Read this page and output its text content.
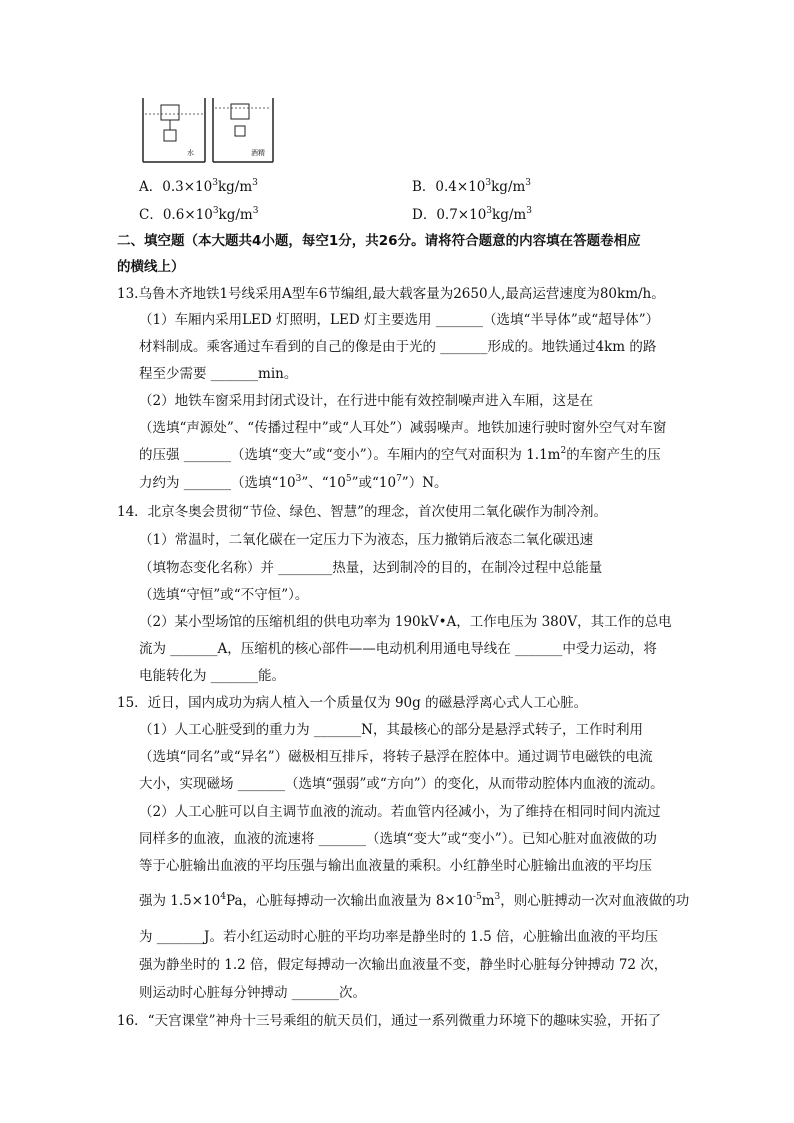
水	酒精
A．$0.3\times 10^3kg/m^3$	B．$0.4\times 10^3kg/m^3$
C．$0.6\times 10^3kg/m^3$	D．$0.7\times 10^3kg/m^3$
二、填空题（本大题共4小题，每空1分，共26分。请将符合题意的内容填在答题卷相应
的横线上）
13.乌鲁木齐地铁1号线采用A型车6节编组,最大载客量为2650人,最高运营速度为80km/h。
（1）车厢内采用LED 灯照明，LED 灯主要选用 _______（选填“半导体”或“超导体”）
材料制成。乘客通过车看到的自己的像是由于光的 _______形成的。地铁通过4km 的路
程至少需要 _______min。
（2）地铁车窗采用封闭式设计，在行进中能有效控制噪声进入车厢，这是在
（选填“声源处”、“传播过程中”或“人耳处”）减弱噪声。地铁加速行驶时窗外空气对车窗
的压强 _______（选填“变大”或“变小”）。车厢内的空气对面积为 $1.1m^2$的车窗产生的压
力约为 _______（选填“$10^3$”、“$10^5$”或“$10^7”)N$。
14．北京冬奥会贯彻“节俭、绿色、智慧”的理念，首次使用二氧化碳作为制冷剂。
（1）常温时，二氧化碳在一定压力下为液态，压力撤销后液态二氧化碳迅速
（填物态变化名称）并 ________热量，达到制冷的目的，在制冷过程中总能量
（选填“守恒”或“不守恒”）。
（2）某小型场馆的压缩机组的供电功率为 190kV•A，工作电压为 380V，其工作的总电
流为 _______A，压缩机的核心部件——电动机利用通电导线在 _______中受力运动，将
电能转化为 _______能。
15．近日，国内成功为病人植入一个质量仅为 90g 的磁悬浮离心式人工心脏。
（1）人工心脏受到的重力为 _______N，其最核心的部分是悬浮式转子，工作时利用
（选填“同名”或“异名”）磁极相互排斥，将转子悬浮在腔体中。通过调节电磁铁的电流
大小，实现磁场 _______（选填“强弱”或“方向”）的变化，从而带动腔体内血液的流动。
（2）人工心脏可以自主调节血液的流动。若血管内径减小，为了维持在相同时间内流过
同样多的血液，血液的流速将 _______（选填“变大”或“变小”）。已知心脏对血液做的功
等于心脏输出血液的平均压强与输出血液量的乘积。小红静坐时心脏输出血液的平均压
强为 $1.5\times 10^4Pa$，心脏每搏动一次输出血液量为 $8\times 10^{-5}m^3$，则心脏搏动一次对血液做的功
为 _______J。若小红运动时心脏的平均功率是静坐时的 1.5 倍，心脏输出血液的平均压
强为静坐时的 1.2 倍，假定每搏动一次输出血液量不变，静坐时心脏每分钟搏动 72 次，
则运动时心脏每分钟搏动 _______次。
16．“天宫课堂”神舟十三号乘组的航天员们，通过一系列微重力环境下的趣味实验，开拓了
